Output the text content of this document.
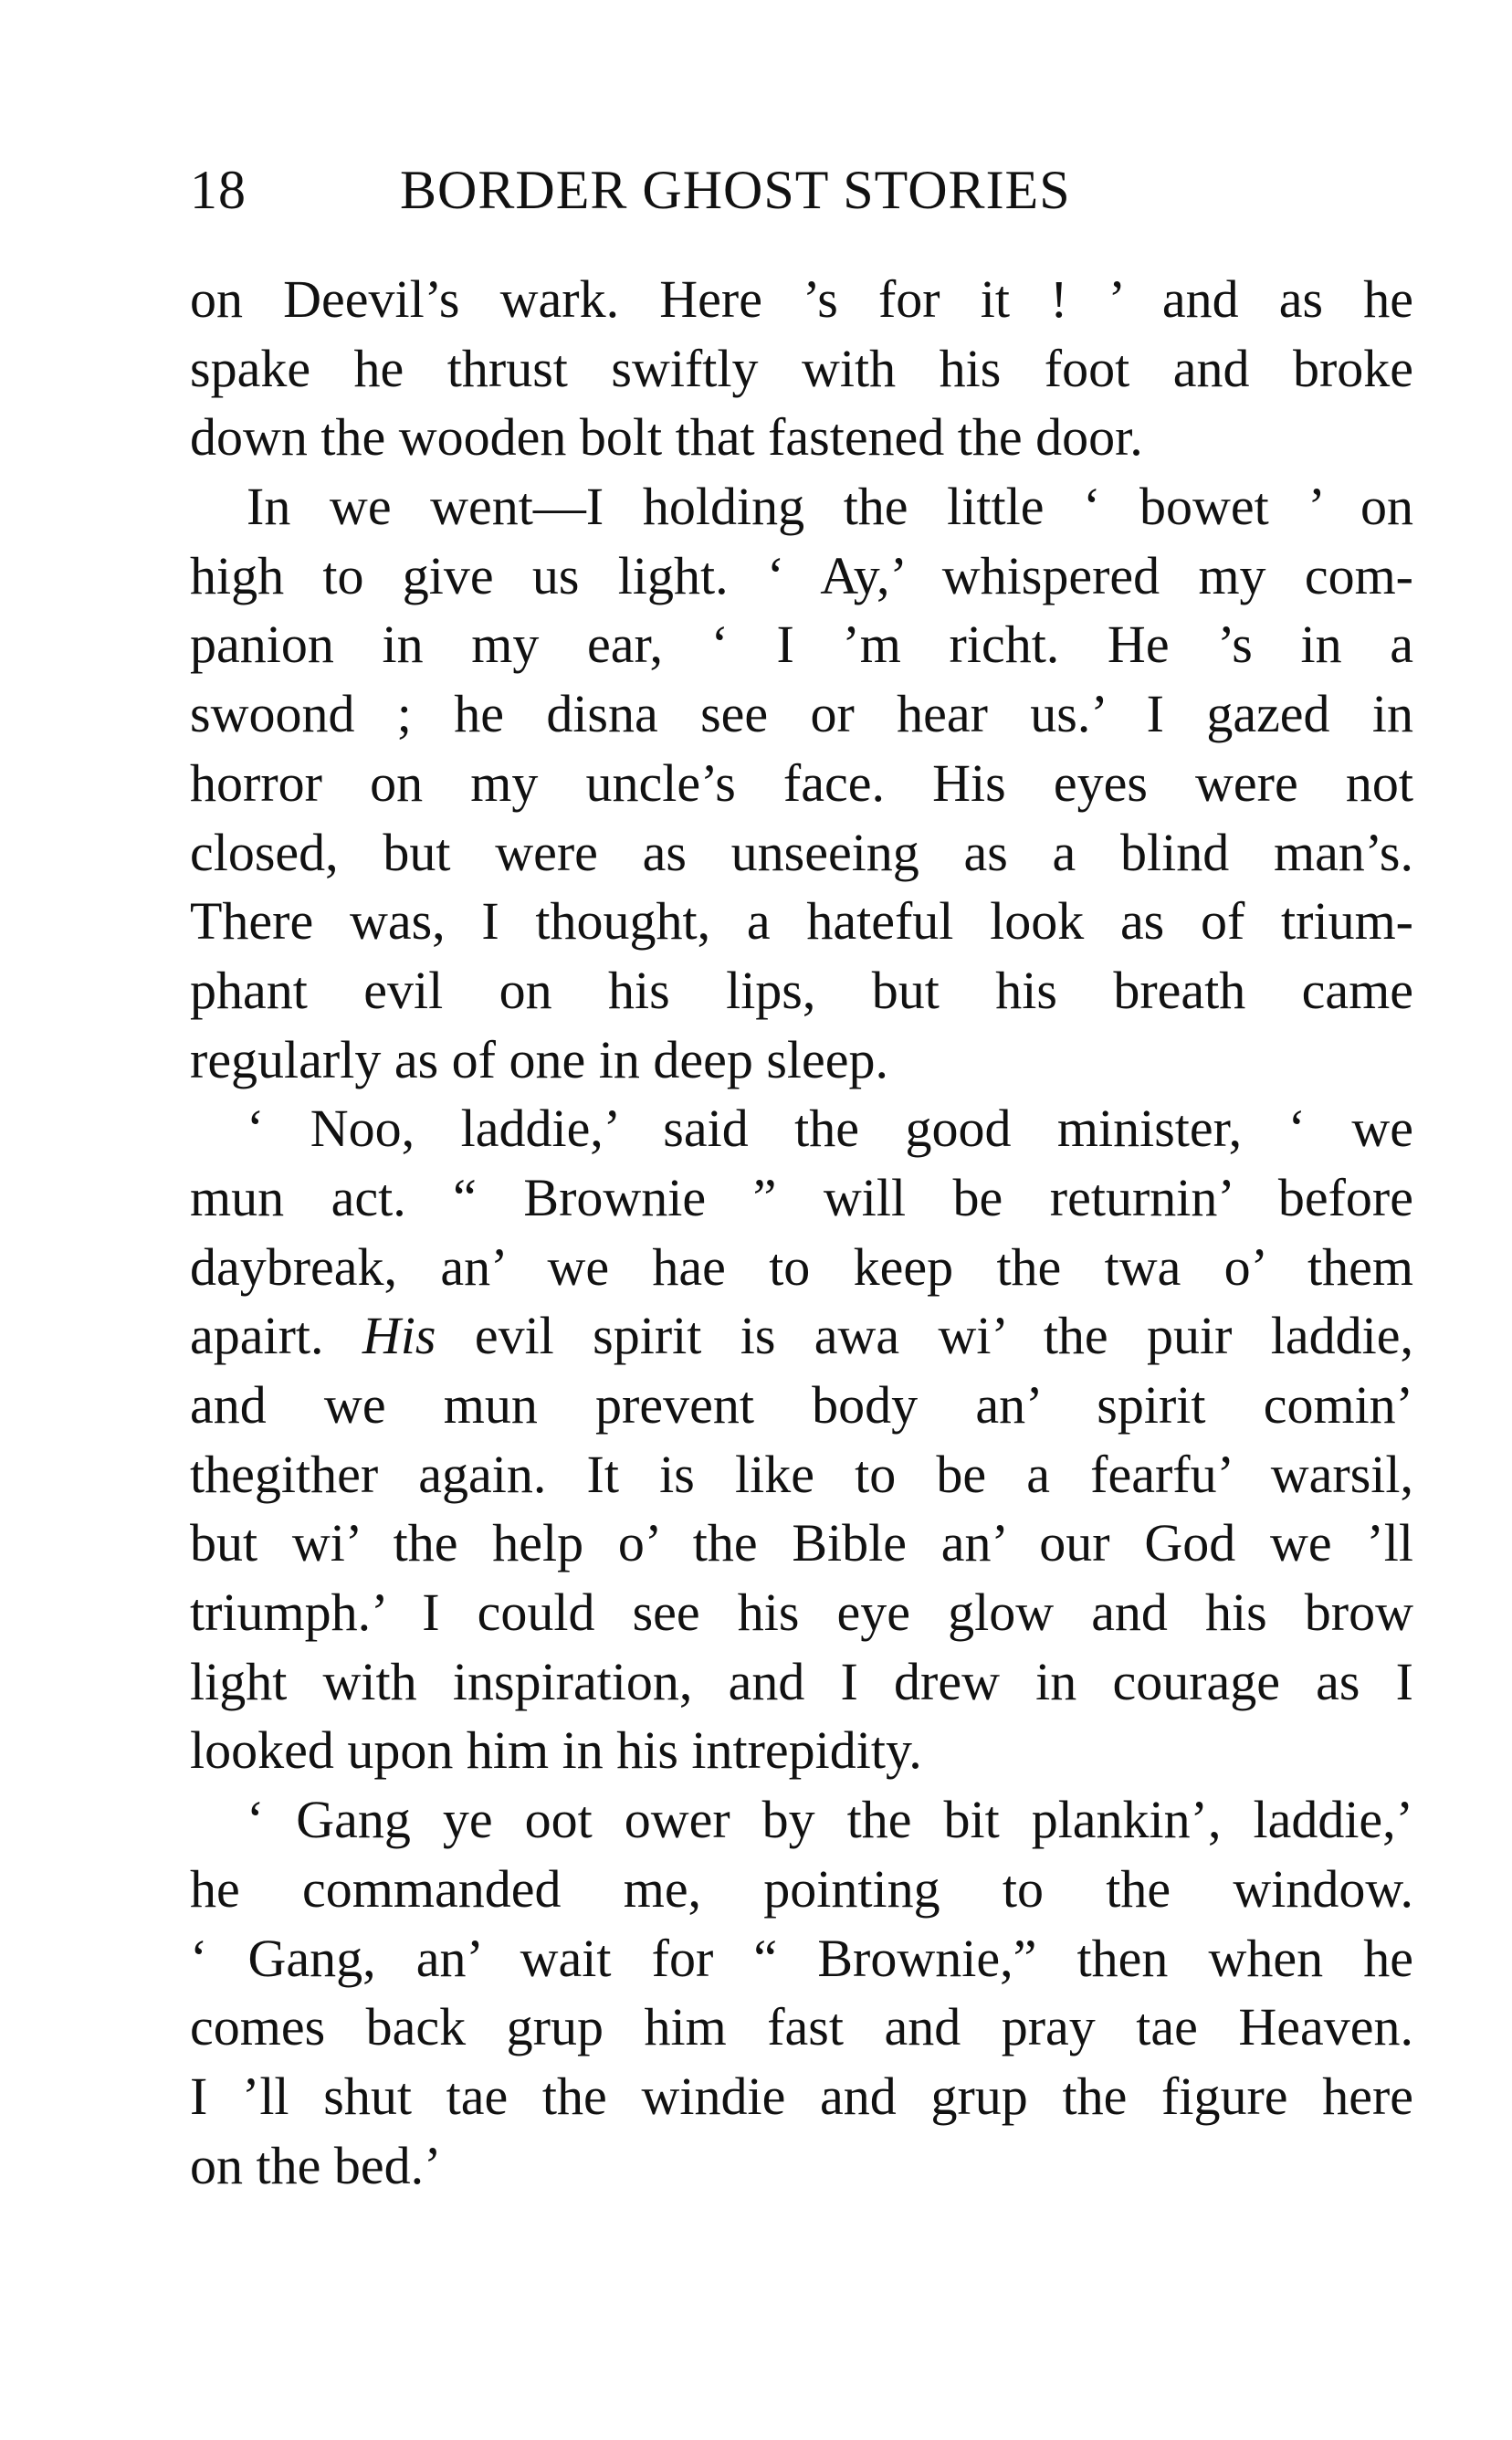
18	BORDER GHOST STORIES
on Deevil’s wark. Here ’s for it ! ’ and as he
spake he thrust swiftly with his foot and broke
down the wooden bolt that fastened the door.
In we went—I holding the little ‘ bowet ’ on
high to give us light. ‘ Ay,’ whispered my com-
panion in my ear, ‘ I ’m richt. He ’s in a
swoond ; he disna see or hear us.’ I gazed in
horror on my uncle’s face. His eyes were not
closed, but were as unseeing as a blind man’s.
There was, I thought, a hateful look as of trium-
phant evil on his lips, but his breath came
regularly as of one in deep sleep.
‘ Noo, laddie,’ said the good minister, ‘ we
mun act. “ Brownie ” will be returnin’ before
daybreak, an’ we hae to keep the twa o’ them
apairt. His evil spirit is awa wi’ the puir laddie,
and we mun prevent body an’ spirit comin’
thegither again. It is like to be a fearfu’ warsil,
but wi’ the help o’ the Bible an’ our God we ’ll
triumph.’ I could see his eye glow and his brow
light with inspiration, and I drew in courage as I
looked upon him in his intrepidity.
‘ Gang ye oot ower by the bit plankin’, laddie,’
he commanded me, pointing to the window.
‘ Gang, an’ wait for “ Brownie,” then when he
comes back grup him fast and pray tae Heaven.
I ’ll shut tae the windie and grup the figure here
on the bed.’
